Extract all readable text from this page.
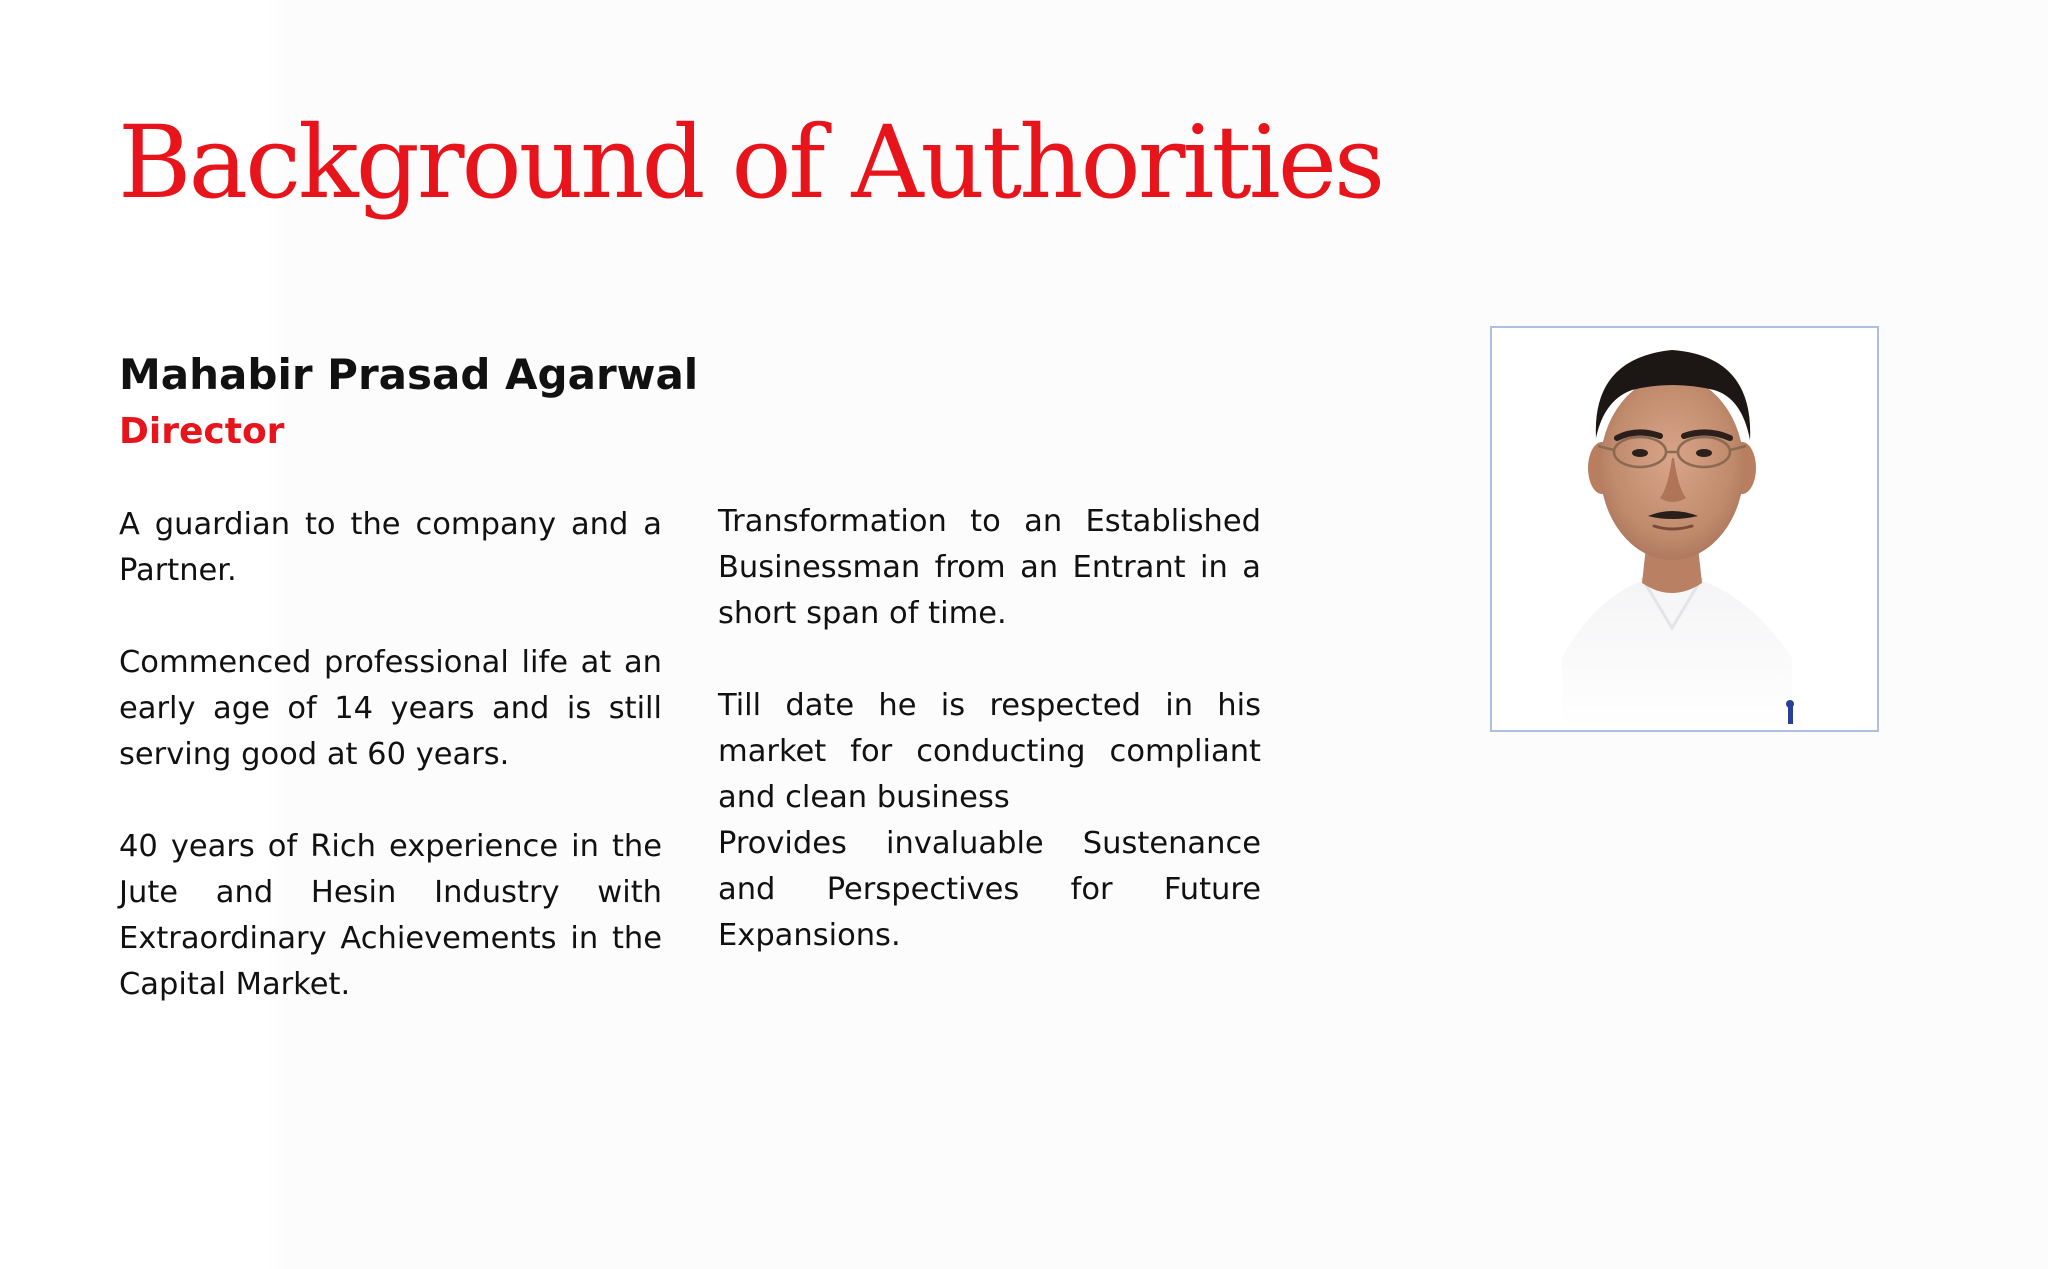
Background of Authorities
Mahabir Prasad Agarwal
Director

A guardian to the company and a Partner.

Commenced professional life at an early age of 14 years and is still serving good at 60 years.

40 years of Rich experience in the Jute and Hesin Industry with Extraordinary Achievements in the Capital Market.

Transformation to an Established Businessman from an Entrant in a short span of time.

Till date he is respected in his market for conducting compliant and clean business

Provides invaluable Sustenance and Perspectives for Future Expansions.
